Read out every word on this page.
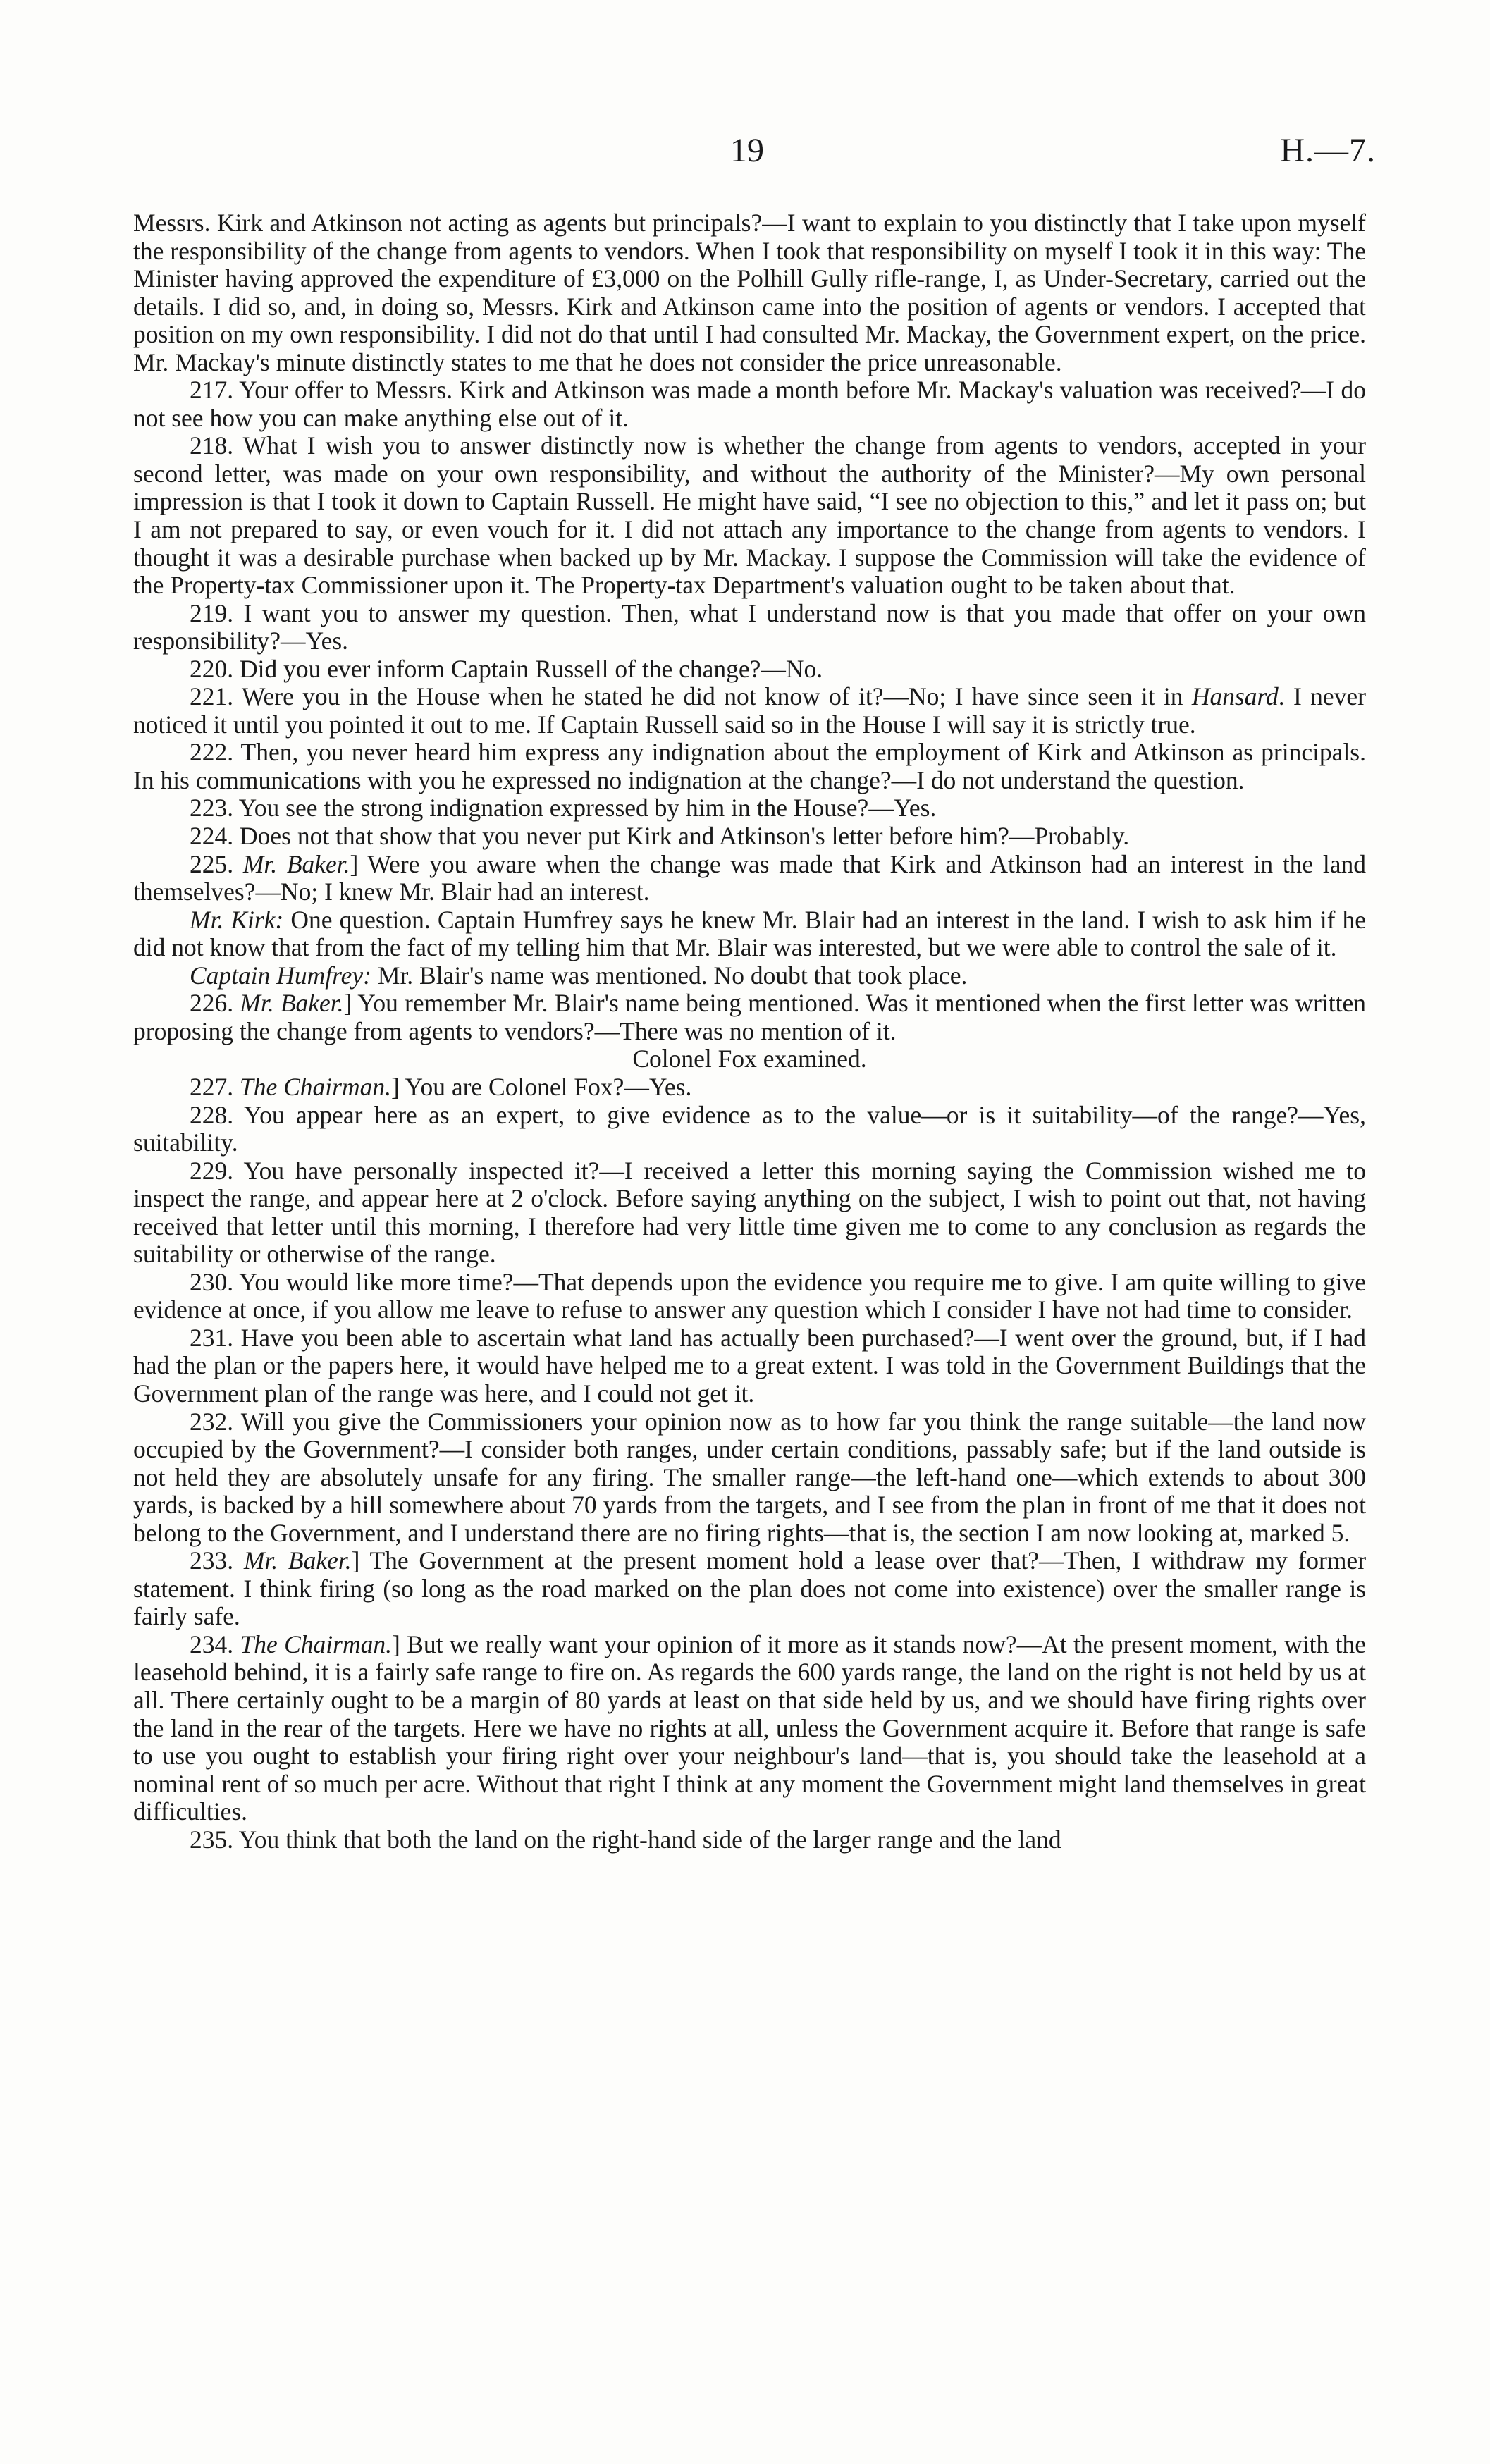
19	H.—7.

Messrs. Kirk and Atkinson not acting as agents but principals?—I want to explain to you distinctly that I take upon myself the responsibility of the change from agents to vendors. When I took that responsibility on myself I took it in this way: The Minister having approved the expenditure of £3,000 on the Polhill Gully rifle-range, I, as Under-Secretary, carried out the details. I did so, and, in doing so, Messrs. Kirk and Atkinson came into the position of agents or vendors. I accepted that position on my own responsibility. I did not do that until I had consulted Mr. Mackay, the Government expert, on the price. Mr. Mackay's minute distinctly states to me that he does not consider the price unreasonable.

217. Your offer to Messrs. Kirk and Atkinson was made a month before Mr. Mackay's valuation was received?—I do not see how you can make anything else out of it.

218. What I wish you to answer distinctly now is whether the change from agents to vendors, accepted in your second letter, was made on your own responsibility, and without the authority of the Minister?—My own personal impression is that I took it down to Captain Russell. He might have said, “I see no objection to this,” and let it pass on; but I am not prepared to say, or even vouch for it. I did not attach any importance to the change from agents to vendors. I thought it was a desirable purchase when backed up by Mr. Mackay. I suppose the Commission will take the evidence of the Property-tax Commissioner upon it. The Property-tax Department's valuation ought to be taken about that.

219. I want you to answer my question. Then, what I understand now is that you made that offer on your own responsibility?—Yes.

220. Did you ever inform Captain Russell of the change?—No.

221. Were you in the House when he stated he did not know of it?—No; I have since seen it in Hansard. I never noticed it until you pointed it out to me. If Captain Russell said so in the House I will say it is strictly true.

222. Then, you never heard him express any indignation about the employment of Kirk and Atkinson as principals. In his communications with you he expressed no indignation at the change?—I do not understand the question.

223. You see the strong indignation expressed by him in the House?—Yes.

224. Does not that show that you never put Kirk and Atkinson's letter before him?—Probably.

225. Mr. Baker.] Were you aware when the change was made that Kirk and Atkinson had an interest in the land themselves?—No; I knew Mr. Blair had an interest.

Mr. Kirk: One question. Captain Humfrey says he knew Mr. Blair had an interest in the land. I wish to ask him if he did not know that from the fact of my telling him that Mr. Blair was interested, but we were able to control the sale of it.

Captain Humfrey: Mr. Blair's name was mentioned. No doubt that took place.

226. Mr. Baker.] You remember Mr. Blair's name being mentioned. Was it mentioned when the first letter was written proposing the change from agents to vendors?—There was no mention of it.

Colonel Fox examined.

227. The Chairman.] You are Colonel Fox?—Yes.

228. You appear here as an expert, to give evidence as to the value—or is it suitability—of the range?—Yes, suitability.

229. You have personally inspected it?—I received a letter this morning saying the Commission wished me to inspect the range, and appear here at 2 o'clock. Before saying anything on the subject, I wish to point out that, not having received that letter until this morning, I therefore had very little time given me to come to any conclusion as regards the suitability or otherwise of the range.

230. You would like more time?—That depends upon the evidence you require me to give. I am quite willing to give evidence at once, if you allow me leave to refuse to answer any question which I consider I have not had time to consider.

231. Have you been able to ascertain what land has actually been purchased?—I went over the ground, but, if I had had the plan or the papers here, it would have helped me to a great extent. I was told in the Government Buildings that the Government plan of the range was here, and I could not get it.

232. Will you give the Commissioners your opinion now as to how far you think the range suitable—the land now occupied by the Government?—I consider both ranges, under certain conditions, passably safe; but if the land outside is not held they are absolutely unsafe for any firing. The smaller range—the left-hand one—which extends to about 300 yards, is backed by a hill somewhere about 70 yards from the targets, and I see from the plan in front of me that it does not belong to the Government, and I understand there are no firing rights—that is, the section I am now looking at, marked 5.

233. Mr. Baker.] The Government at the present moment hold a lease over that?—Then, I withdraw my former statement. I think firing (so long as the road marked on the plan does not come into existence) over the smaller range is fairly safe.

234. The Chairman.] But we really want your opinion of it more as it stands now?—At the present moment, with the leasehold behind, it is a fairly safe range to fire on. As regards the 600 yards range, the land on the right is not held by us at all. There certainly ought to be a margin of 80 yards at least on that side held by us, and we should have firing rights over the land in the rear of the targets. Here we have no rights at all, unless the Government acquire it. Before that range is safe to use you ought to establish your firing right over your neighbour's land—that is, you should take the leasehold at a nominal rent of so much per acre. Without that right I think at any moment the Government might land themselves in great difficulties.

235. You think that both the land on the right-hand side of the larger range and the land
